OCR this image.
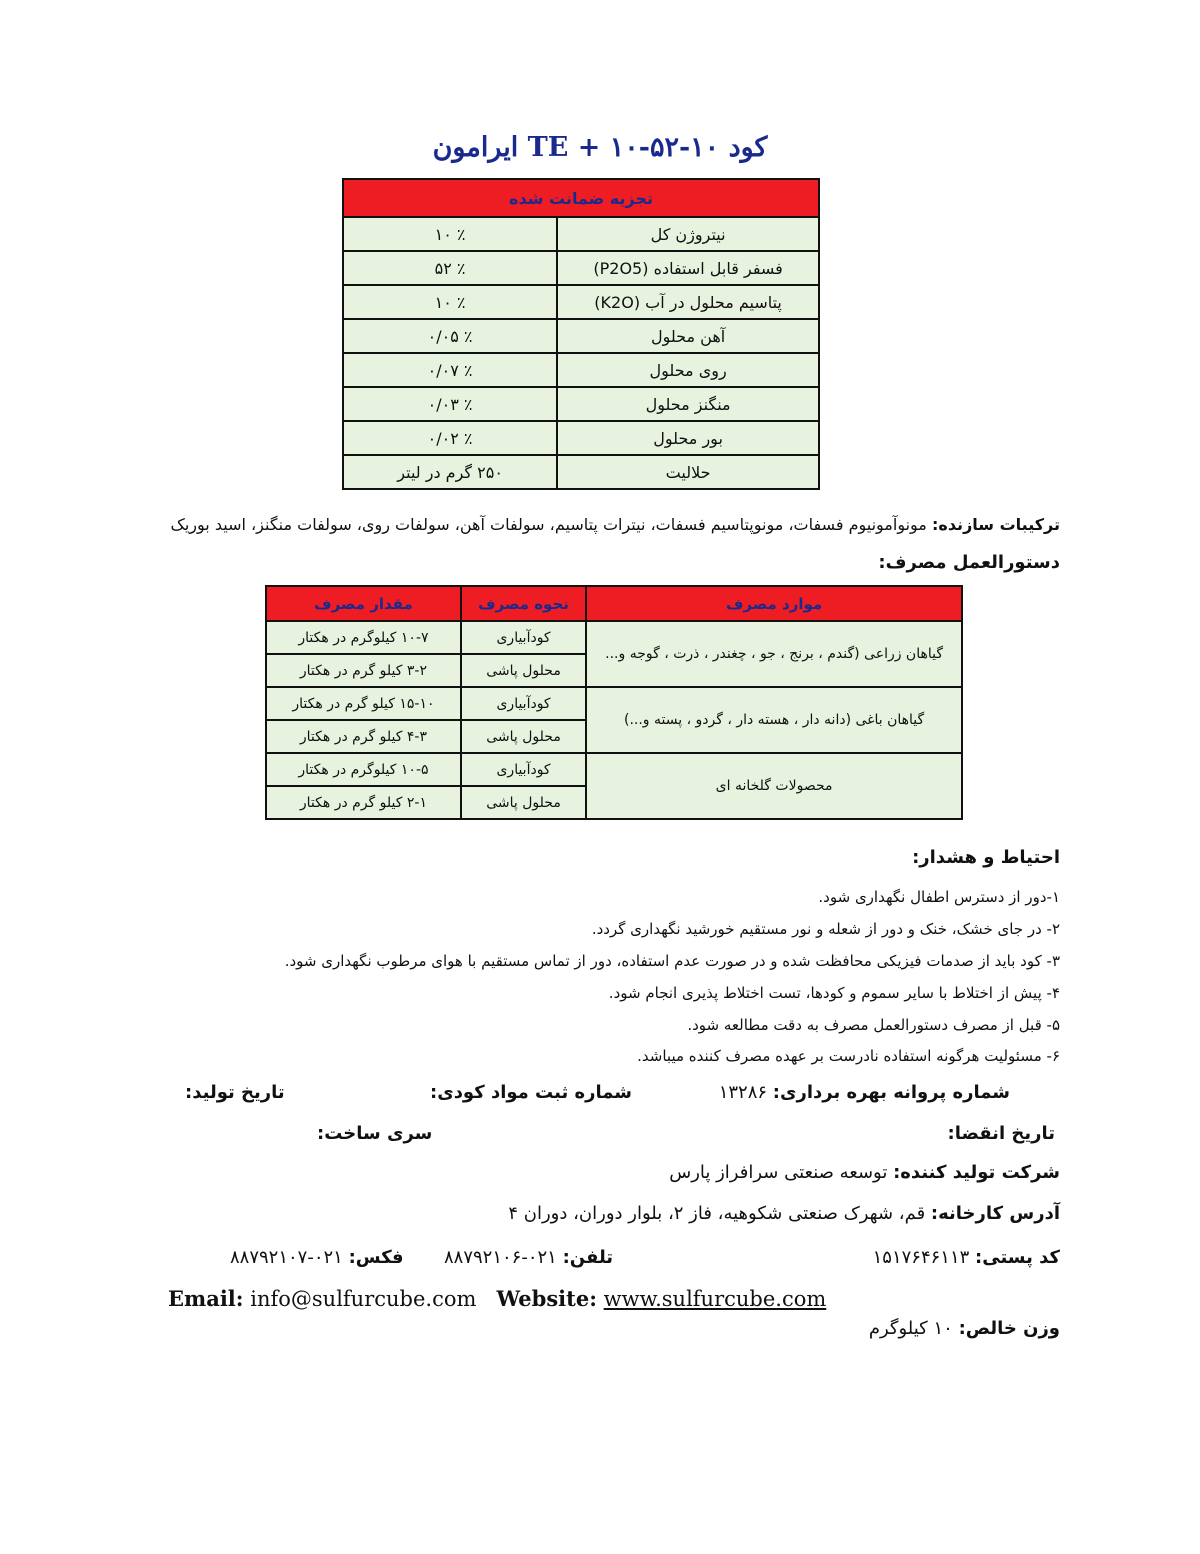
کود TE + ۱۰-۵۲-۱۰ ایرامون
تجزیه ضمانت شده	
نیتروژن کل	٪ ۱۰
فسفر قابل استفاده (P2O5)	٪ ۵۲
پتاسیم محلول در آب (K2O)	٪ ۱۰
آهن محلول	٪ ۰/۰۵
روی محلول	٪ ۰/۰۷
منگنز محلول	٪ ۰/۰۳
بور محلول	٪ ۰/۰۲
حلالیت	۲۵۰ گرم در لیتر
ترکیبات سازنده: مونوآمونیوم فسفات، مونوپتاسیم فسفات، نیترات پتاسیم، سولفات آهن، سولفات روی، سولفات منگنز، اسید بوریک
دستورالعمل مصرف:
موارد مصرف	نحوه مصرف	مقدار مصرف
گیاهان زراعی (گندم ، برنج ، جو ، چغندر ، ذرت ، گوجه و...	کودآبیاری	۱۰-۷ کیلوگرم در هکتار
	محلول پاشی	۳-۲ کیلو گرم در هکتار
گیاهان باغی (دانه دار ، هسته دار ، گردو ، پسته و...)	کودآبیاری	۱۵-۱۰ کیلو گرم در هکتار
	محلول پاشی	۴-۳ کیلو گرم در هکتار
محصولات گلخانه ای	کودآبیاری	۱۰-۵ کیلوگرم در هکتار
	محلول پاشی	۲-۱ کیلو گرم در هکتار
احتیاط و هشدار:
۱-دور از دسترس اطفال نگهداری شود.
۲- در جای خشک، خنک و دور از شعله و نور مستقیم خورشید نگهداری گردد.
۳- کود باید از صدمات فیزیکی محافظت شده و در صورت عدم استفاده، دور از تماس مستقیم با هوای مرطوب نگهداری شود.
۴- پیش از اختلاط با سایر سموم و کودها، تست اختلاط پذیری انجام شود.
۵- قبل از مصرف دستورالعمل مصرف به دقت مطالعه شود.
۶- مسئولیت هرگونه استفاده نادرست بر عهده مصرف کننده میباشد.
شماره پروانه بهره برداری: ۱۳۲۸۶
شماره ثبت مواد کودی:
تاریخ تولید:
تاریخ انقضا:
سری ساخت:
شرکت تولید کننده: توسعه صنعتی سرافراز پارس
آدرس کارخانه: قم، شهرک صنعتی شکوهیه، فاز ۲، بلوار دوران، دوران ۴
کد پستی: ۱۵۱۷۶۴۶۱۱۳
تلفن: ۰۲۱-۸۸۷۹۲۱۰۶
فکس: ۰۲۱-۸۸۷۹۲۱۰۷
Email: info@sulfurcube.com Website: www.sulfurcube.com
وزن خالص: ۱۰ کیلوگرم
